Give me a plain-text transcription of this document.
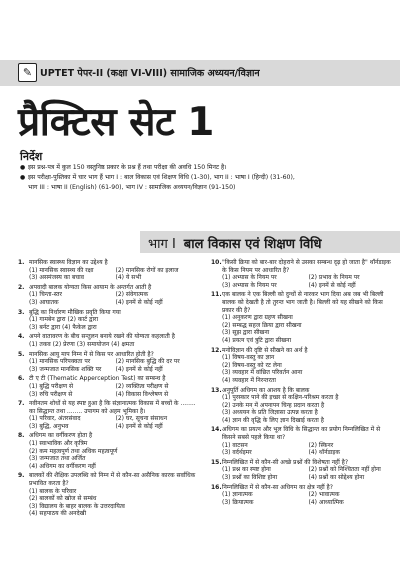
✎ UPTET पेपर-II (कक्षा VI-VIII) सामाजिक अध्ययन/विज्ञान
प्रैक्टिस सेट 1
निर्देश
● इस प्रश्न-पत्र में कुल 150 वस्तुनिष्ठ प्रकार के प्रश्न हैं तथा परीक्षा की अवधि 150 मिनट है।
● इस परीक्षा-पुस्तिका में चार भाग हैं भाग I : बाल विकास एवं शिक्षण विधि (1-30), भाग II : भाषा I (हिन्दी) (31-60),
भाग III : भाषा II (English) (61-90), भाग IV : सामाजिक अध्ययन/विज्ञान (91-150)
भाग I बाल विकास एवं शिक्षण विधि
1. मानसिक स्वास्थ्य विज्ञान का उद्देश्य है
(1) मानसिक स्वास्थ्य की रक्षा	(2) मानसिक रोगों का इलाज
(3) असमंजस्य का बचाव	(4) ये सभी
2. अपवादी बालक योग्यता किस आयाम के अन्तर्गत आती है
(1) चिन्ता-स्तर	(2) संवेगात्मक
(3) आघातक	(4) इनमें से कोई नहीं
3. बुद्धि का निर्धारण मौखिक प्रवृति किया गया
(1) गामबेन द्वारा (2) कार्ट द्वारा
(3) बर्नट द्वारा (4) फैकेल द्वारा
4. अपने वातावरण के बीच सन्तुलन बनाये रखने की योग्यता कहलाती है
(1) तकव (2) प्रेरणा (3) समायोजन (4) क्षमता
5. मानसिक आयु माप निम्न में से किस पर आधारित होती है?
(1) मानसिक परिपक्वता पर	(2) मानसिक बुद्धि की दर पर
(3) जन्मजात मानसिक शक्ति पर	(4) इनमें से कोई नहीं
6. टी ए टी (Thematic Apperception Test) का सम्बन्ध है
(1) बुद्धि परीक्षण से	(2) व्यक्तित्व परीक्षण से
(3) रुचि परीक्षण से	(4) विकास विश्लेषण से
7. नवीनतम शोधों से यह स्पष्ट हुआ है कि संज्ञानात्मक विकास में बच्चों के ........ का सिद्धान्त तथा ........ उपागम को अहम भूमिका है।
(1) परिवार, अंतरसंवाद	(2) घर, सूचना संसाधन
(3) बुद्धि, अनुभव	(4) इनमें से कोई नहीं
8. अधिगम का वर्गीकरण होता है
(1) स्वाभाविक और कृत्रिम
(2) कम महत्वपूर्ण तथा अधिक महत्वपूर्ण
(3) जन्मजात तथा अर्जित
(4) अधिगम का वर्गीकरण नहीं
9. बालकों की शैक्षिक उपलब्धि को निम्न में से कौन-सा असैनिक कारक सर्वाधिक प्रभावित करता है?
(1) बालक के परिवार
(2) बालकों को खोज से सम्बंध
(3) विद्यालय के बाहर बालक के उत्तरदायित्व
(4) सहपाठय की अनदेखी
10."किसी क्रिया को बार-बार दोहराने से उसका सम्बन्ध दृढ़ हो जाता है" थॉर्नडाइक के किस नियम पर आधारित है?
(1) अभ्यास के नियम पर	(2) प्रभाव के नियम पर
(3) अभ्यास के नियम पर	(4) इनमें से कोई नहीं
11.एक बालक ने एक बिल्ली को दुग्धों से नारकर भाग दिया अब जब भी बिल्ली बालक को देखती है तो तुरन्त भाग जाती है। बिल्ली को यह सीखने को किस प्रकार की है?
(1) अनुकरण द्वारा ग्रहण सीखना
(2) सम्बद्ध सहज क्रिया द्वारा सीखना
(3) सूझ द्वारा सीखना
(4) प्रयत्न एवं त्रुटि द्वारा सीखना
12.मनोविज्ञान की दृष्टि से सीखने का अर्थ है
(1) विषय-वस्तु का ज्ञान
(2) विषय-वस्तु को रट लेना
(3) व्यवहार में वांछित परिवर्तन आना
(4) व्यवहार में निरन्तरता
13.अनुपूर्ति अधिगम का आशय है कि बालक
(1) पुरस्कार पाने की इच्छा से कक्षिन-परिश्रम करता है
(2) उनके मन में अपनापन चिन्ह प्रदान करता है
(3) अध्ययन के प्रति जिज्ञासा उत्पन्न करता है
(4) ज्ञान की वृद्धि के लिए ज्ञान दिखाई करता है
14.अधिगम का प्रयत्न और भूल विधि के सिद्धान्त का प्रयोग निम्नलिखित में से किसने सबसे पहले किया था?
(1) वाटसन	(2) स्किनर
(3) वर्दर्थइमर	(4) थॉर्नडाइक
15.निम्नलिखित में से कौन-सी अच्छे प्रश्नों की विशेषता नहीं है?
(1) प्रश्न का स्पष्ट होना	(2) प्रश्नों को निश्चितता नहीं होना
(3) प्रश्नों का विशिष्ट होना	(4) प्रश्नों का सोद्देश्य होना
16.निम्नलिखित में से कौन-सा अधिगम का क्षेत्र नहीं है?
(1) ज्ञानात्मक	(2) भावात्मक
(3) क्रियात्मक	(4) आध्यात्मिक
